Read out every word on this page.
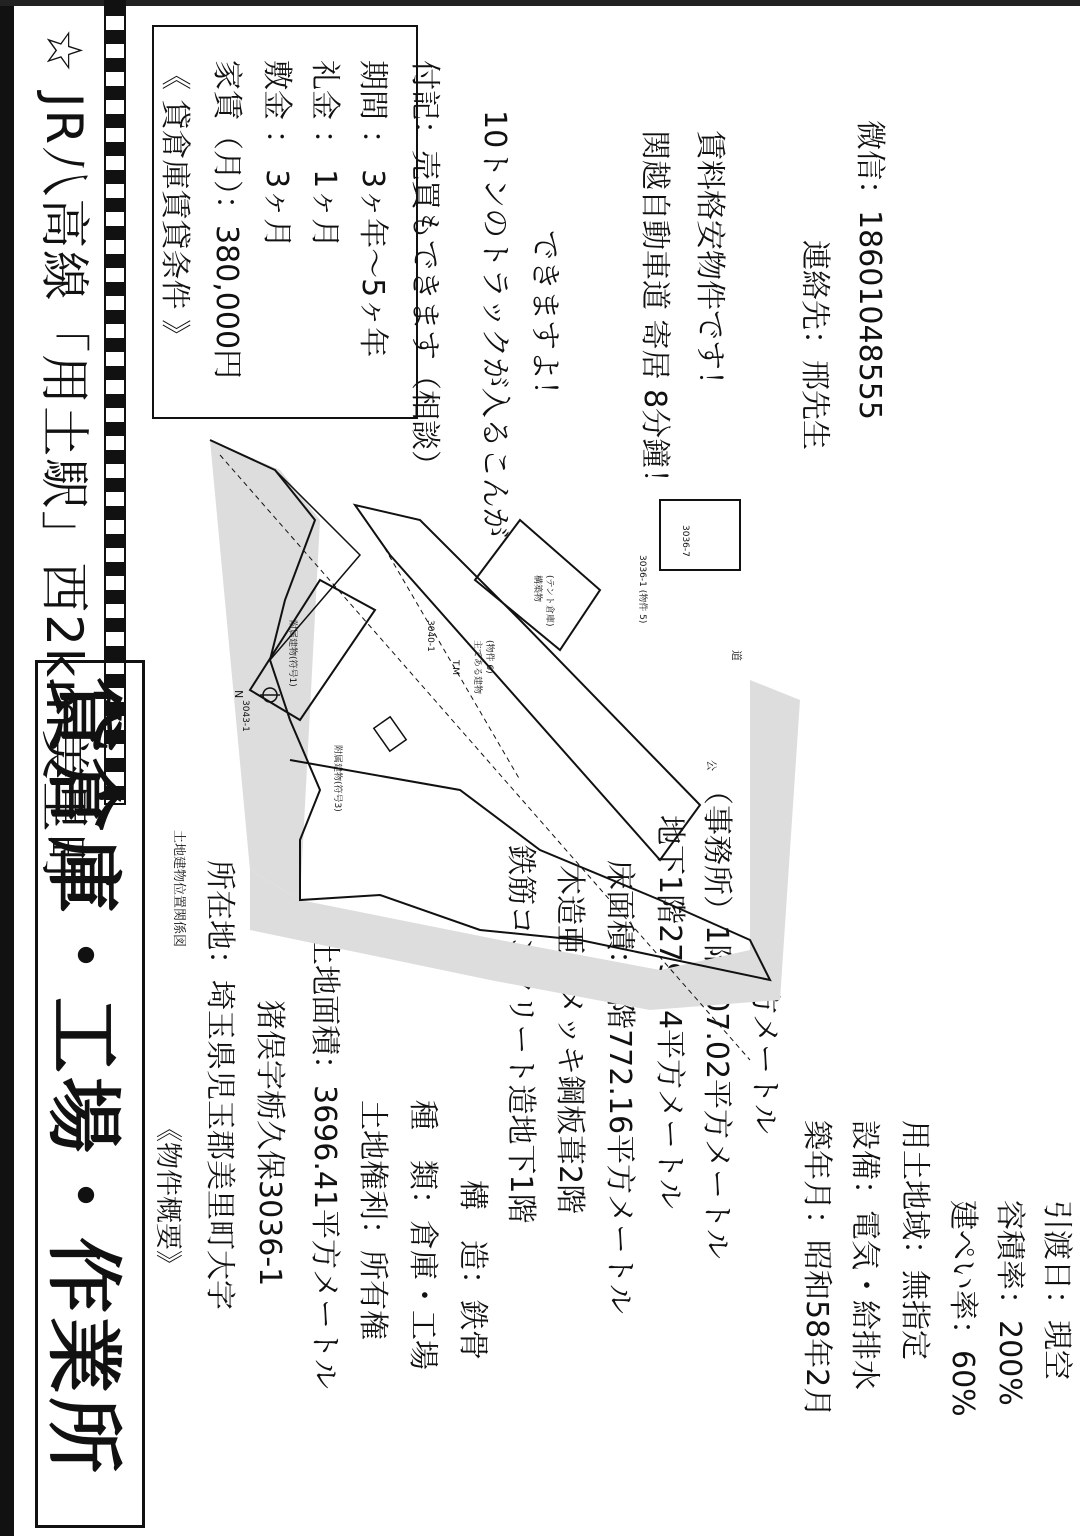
貸倉庫・工場・作業所
☆ JR八高線「用土駅」西2km美里町	《 貸倉庫賃貸条件 》 家賃（月）：380,000円 敷金 ： 3ヶ月 礼金 ： 1ヶ月 期間 ： 3ヶ年～5ヶ年 付記：売買もできます（相談） 10トンのトラックが入るこんが できますよ！	関越自動車道 寄居 8分鐘！ 賃料格安物件です！ 連絡先：邢先生 微信：18601048555
《物件概要》 所在地：埼玉県児玉郡美里町大字 猪俣字栃久保3036-1 土地面積：3696.41平方メートル 土地権利：所有権 種　類：倉庫・工場 構　造：鉄骨
鉄筋コンクリート造地下1階 木造亜鉛メッキ鋼板葺2階 床面積：1階772.16平方メートル 地下1階279.24平方メートル （事務所）1階207.02平方メートル
築年月：昭和58年2月 設備：電気・給排水 用土地域：無指定 建ぺい率：60% 容積率：200% 引渡日：現空
土地建物位置関係図
3043-1
3040-1
3036-1 (物件 5)
3036-7
主である建物 (物件 6)
構築物 (テント倉庫)
附属建物(符号1)
附属建物(符号3)
道
公
N
T.M
